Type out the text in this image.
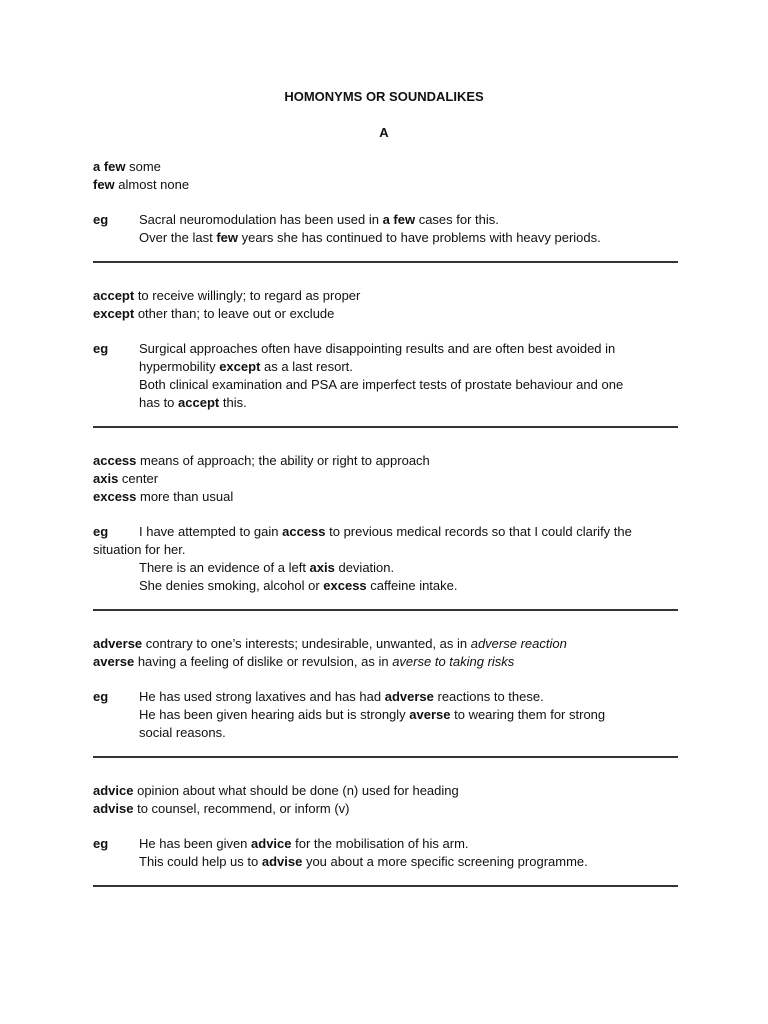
HOMONYMS OR SOUNDALIKES
A
a few some
few almost none
eg Sacral neuromodulation has been used in a few cases for this.
Over the last few years she has continued to have problems with heavy periods.
accept to receive willingly; to regard as proper
except other than; to leave out or exclude
eg Surgical approaches often have disappointing results and are often best avoided in
hypermobility except as a last resort.
Both clinical examination and PSA are imperfect tests of prostate behaviour and one
has to accept this.
access means of approach; the ability or right to approach
axis center
excess more than usual
eg	I have attempted to gain access to previous medical records so that I could clarify the situation for her.
There is an evidence of a left axis deviation.
She denies smoking, alcohol or excess caffeine intake.
adverse contrary to one’s interests; undesirable, unwanted, as in adverse reaction
averse having a feeling of dislike or revulsion, as in averse to taking risks
eg He has used strong laxatives and has had adverse reactions to these.
He has been given hearing aids but is strongly averse to wearing them for strong
social reasons.
advice opinion about what should be done (n) used for heading
advise to counsel, recommend, or inform (v)
eg He has been given advice for the mobilisation of his arm.
This could help us to advise you about a more specific screening programme.
